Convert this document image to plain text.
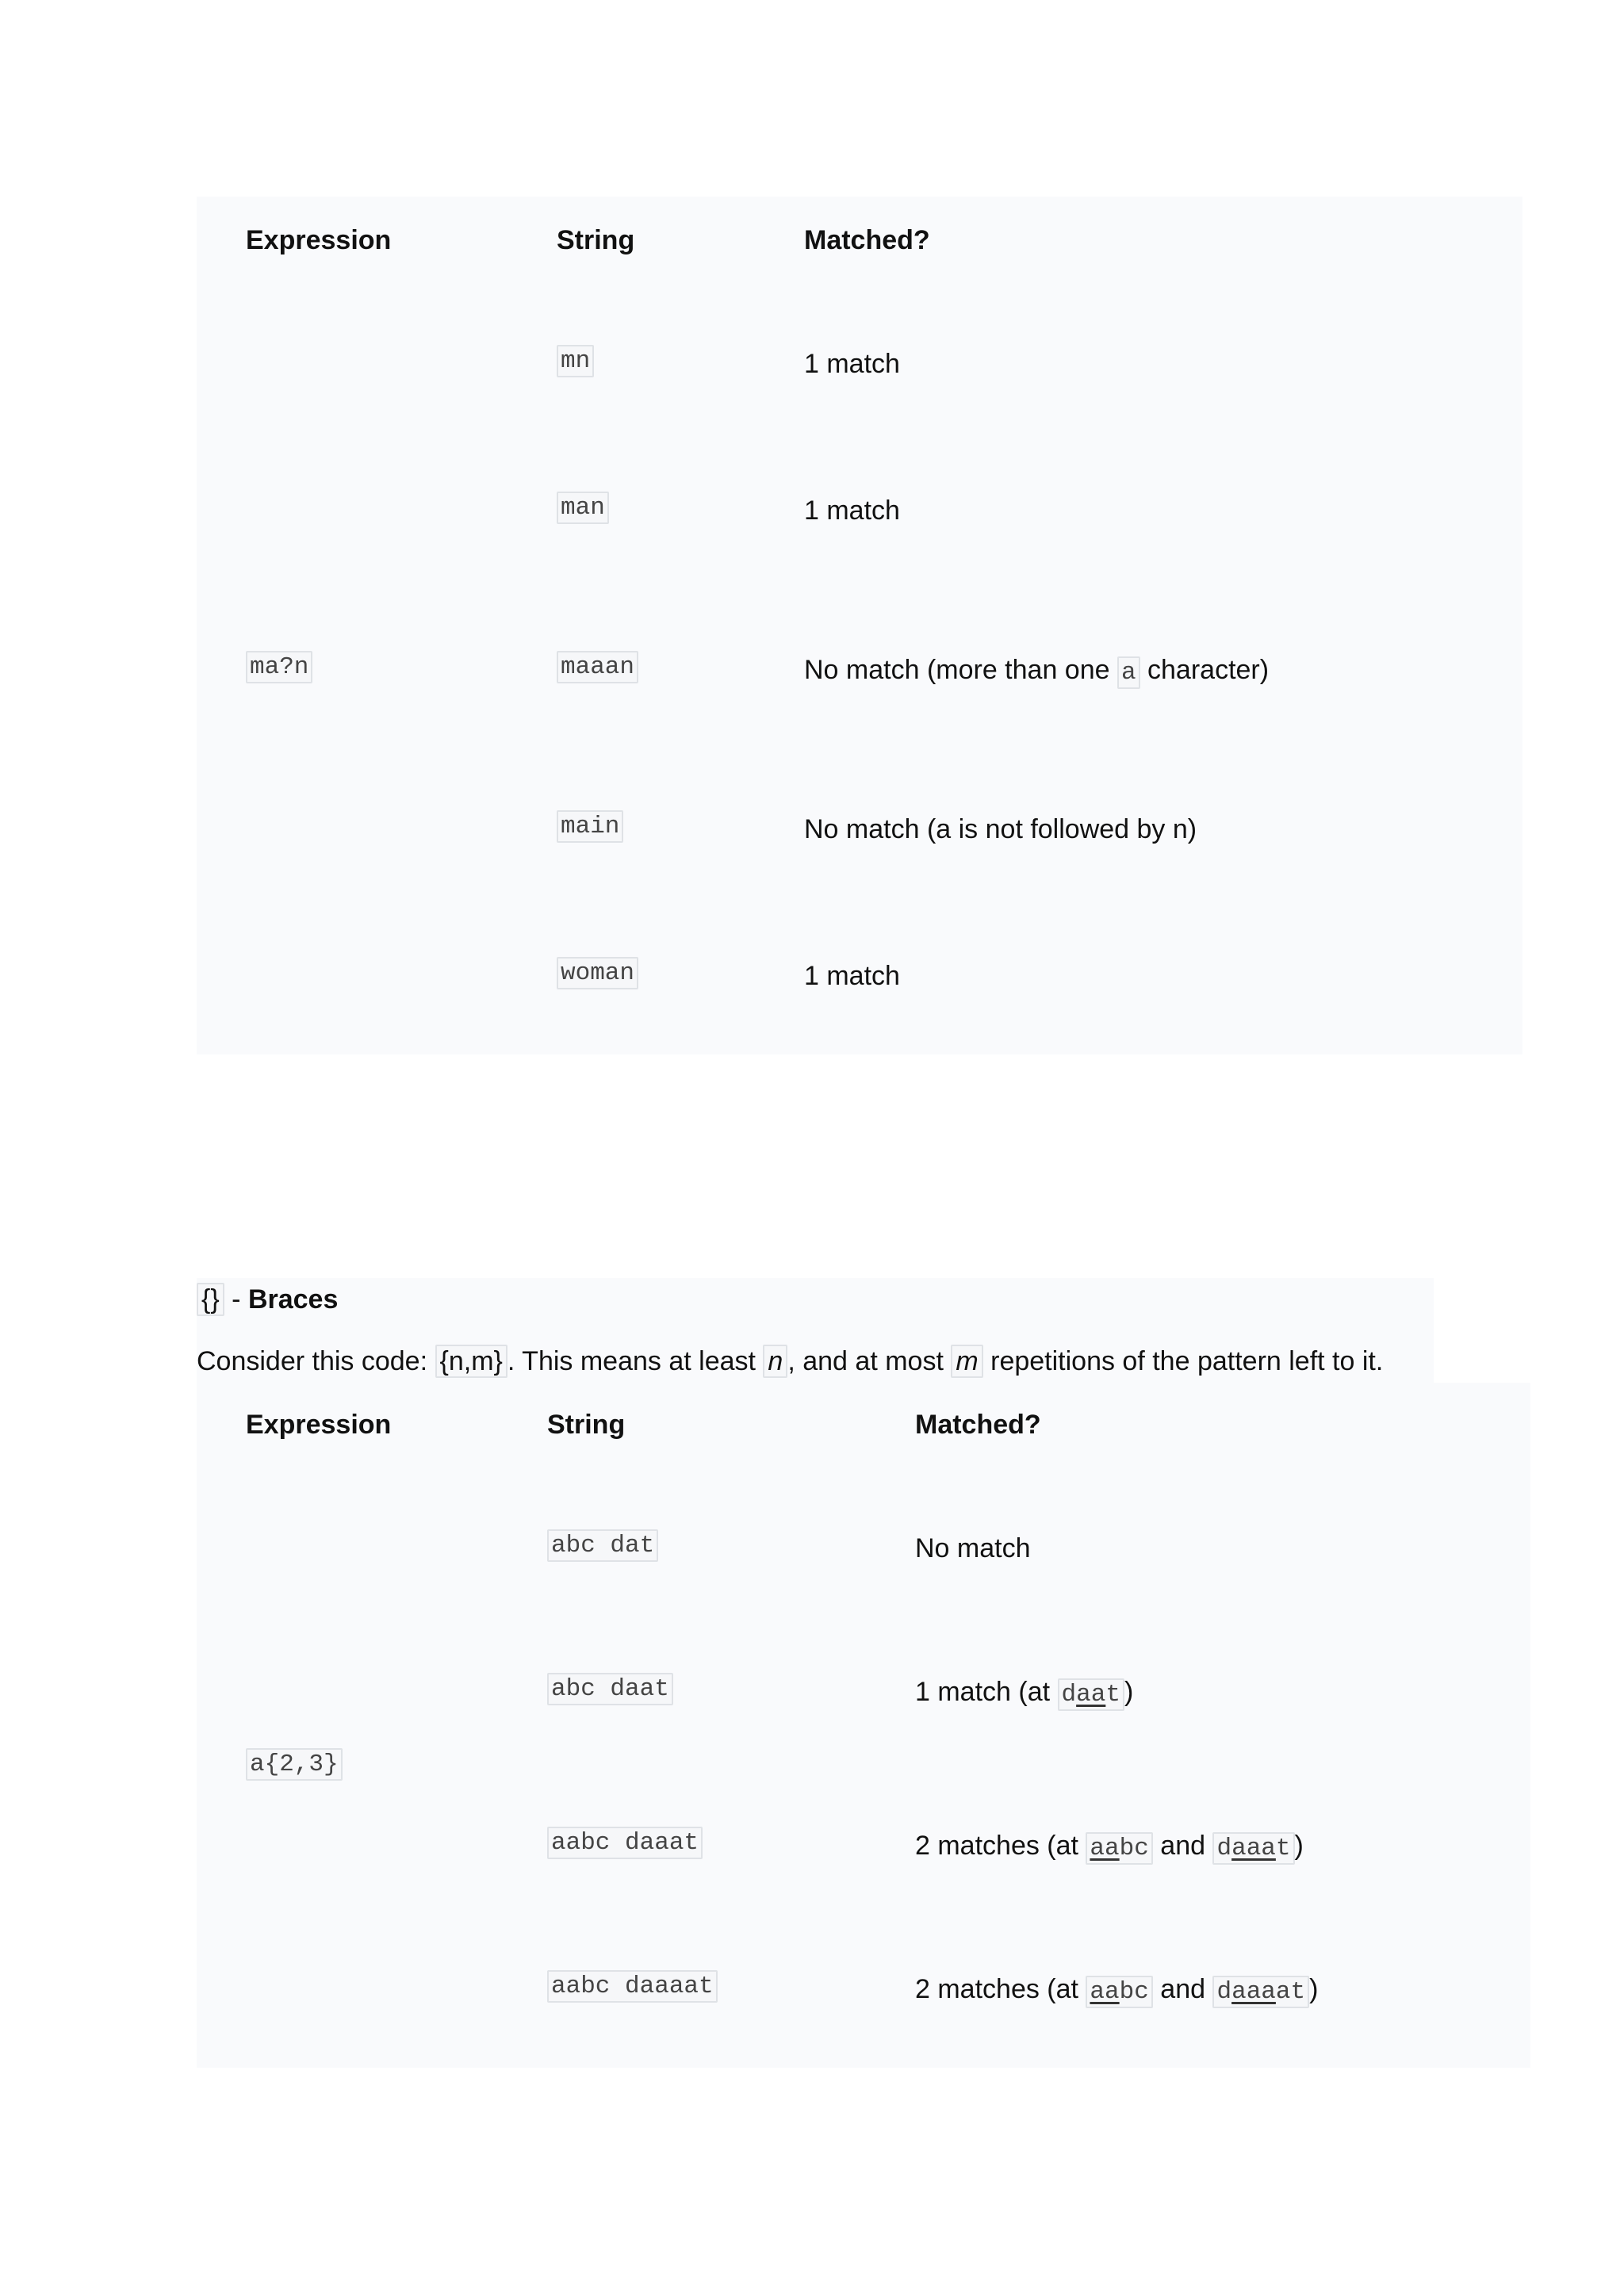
Expression	String	Matched?
ma?n
mn	1 match
man	1 match
maaan	No match (more than one a character)
main	No match (a is not followed by n)
woman	1 match
{} - Braces
Consider this code: {n,m} . This means at least n , and at most m repetitions of the pattern left to it.
Expression	String	Matched?
a{2,3}
abc dat	No match
abc daat	1 match (at daat )
aabc daaat	2 matches (at aabc and daaat )
aabc daaaat	2 matches (at aabc and daaaat )
